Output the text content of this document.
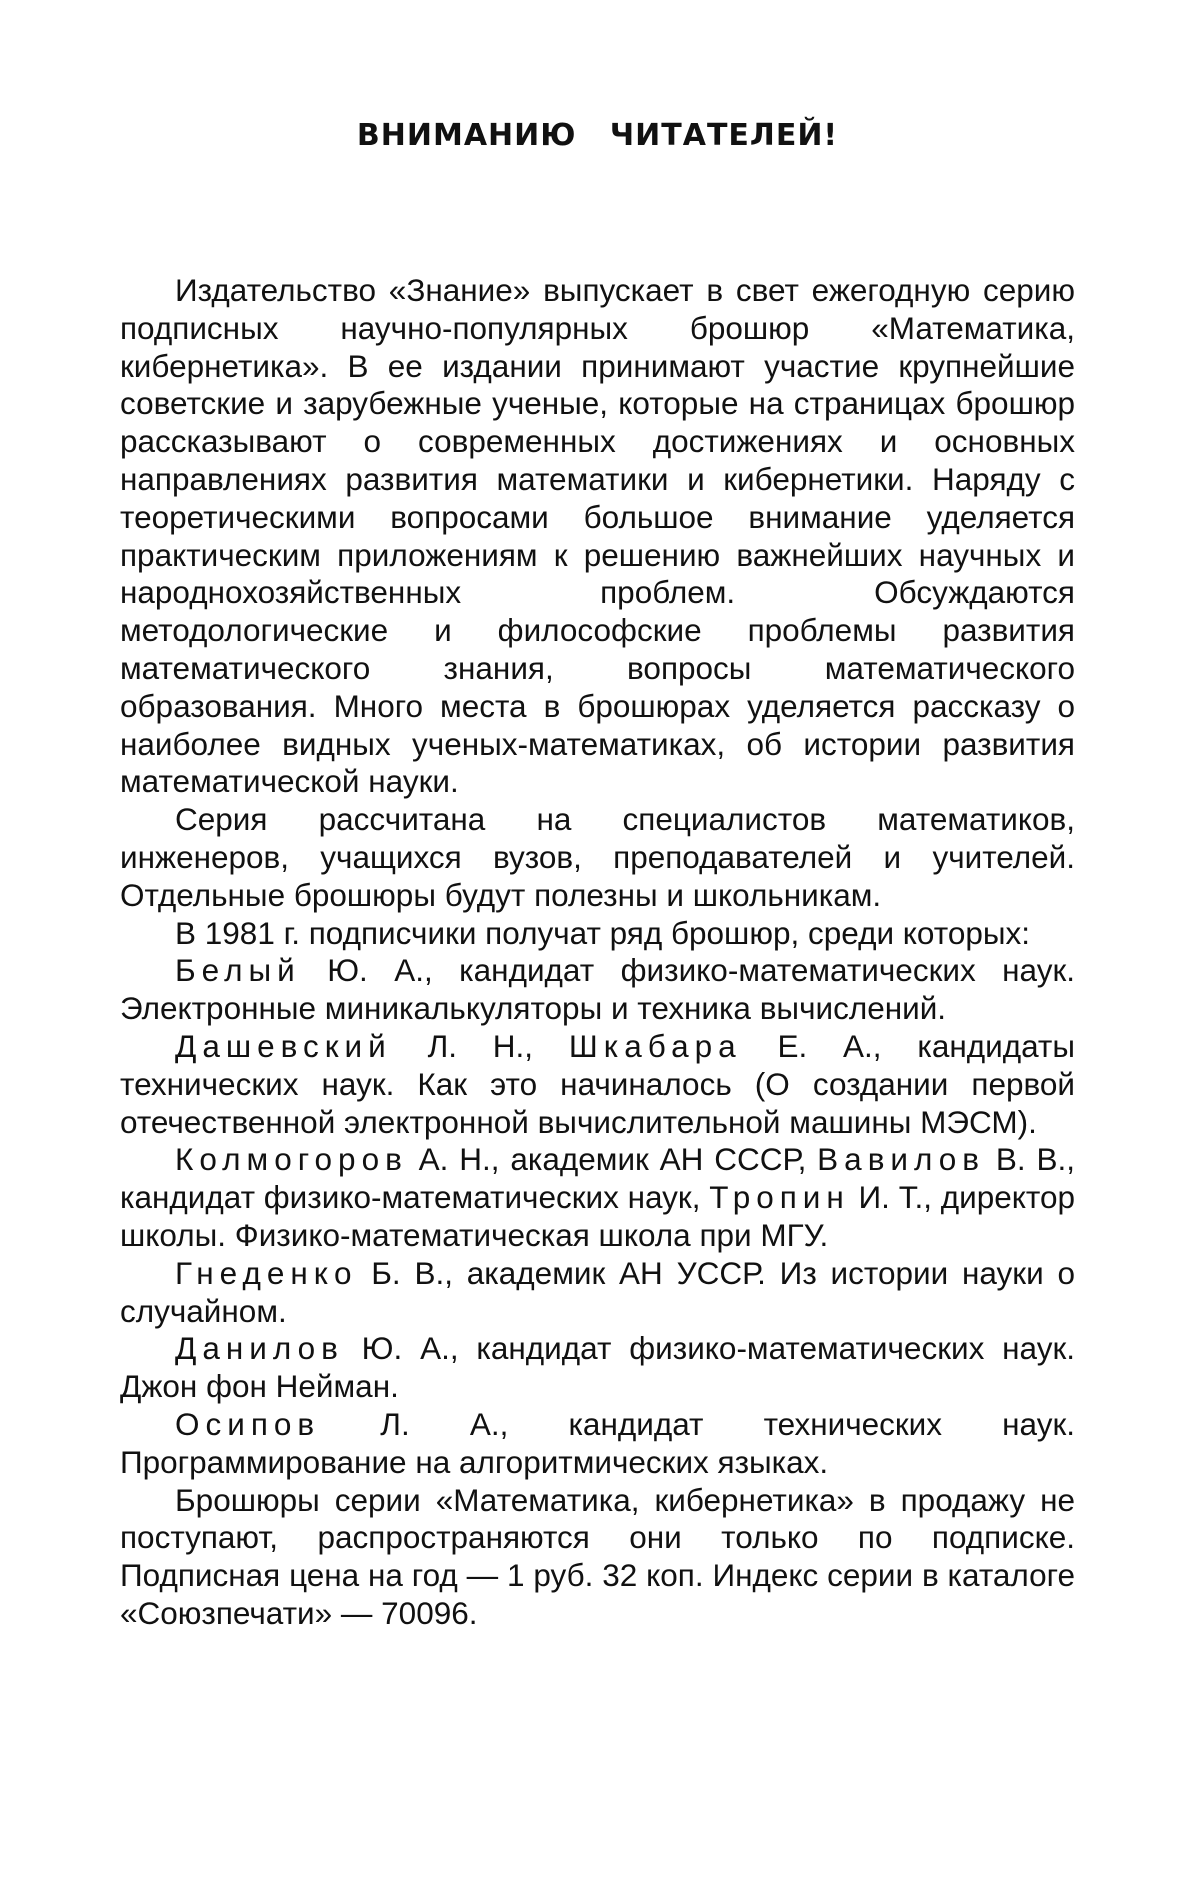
ВНИМАНИЮ ЧИТАТЕЛЕЙ!

Издательство «Знание» выпускает в свет ежегодную серию подписных научно-популярных брошюр «Математика, кибернетика». В ее издании принимают участие крупнейшие советские и зарубежные ученые, которые на страницах брошюр рассказывают о современных достижениях и основных направлениях развития математики и кибернетики. Наряду с теоретическими вопросами большое внимание уделяется практическим приложениям к решению важнейших научных и народнохозяйственных проблем. Обсуждаются методологические и философские проблемы развития математического знания, вопросы математического образования. Много места в брошюрах уделяется рассказу о наиболее видных ученых-математиках, об истории развития математической науки.

Серия рассчитана на специалистов математиков, инженеров, учащихся вузов, преподавателей и учителей. Отдельные брошюры будут полезны и школьникам.

В 1981 г. подписчики получат ряд брошюр, среди которых:

Белый Ю. А., кандидат физико-математических наук. Электронные миникалькуляторы и техника вычислений.

Дашевский Л. Н., Шкабара Е. А., кандидаты технических наук. Как это начиналось (О создании первой отечественной электронной вычислительной машины МЭСМ).

Колмогоров А. Н., академик АН СССР, Вавилов В. В., кандидат физико-математических наук, Тропин И. Т., директор школы. Физико-математическая школа при МГУ.

Гнеденко Б. В., академик АН УССР. Из истории науки о случайном.

Данилов Ю. А., кандидат физико-математических наук. Джон фон Нейман.

Осипов Л. А., кандидат технических наук. Программирование на алгоритмических языках.

Брошюры серии «Математика, кибернетика» в продажу не поступают, распространяются они только по подписке. Подписная цена на год — 1 руб. 32 коп. Индекс серии в каталоге «Союзпечати» — 70096.
